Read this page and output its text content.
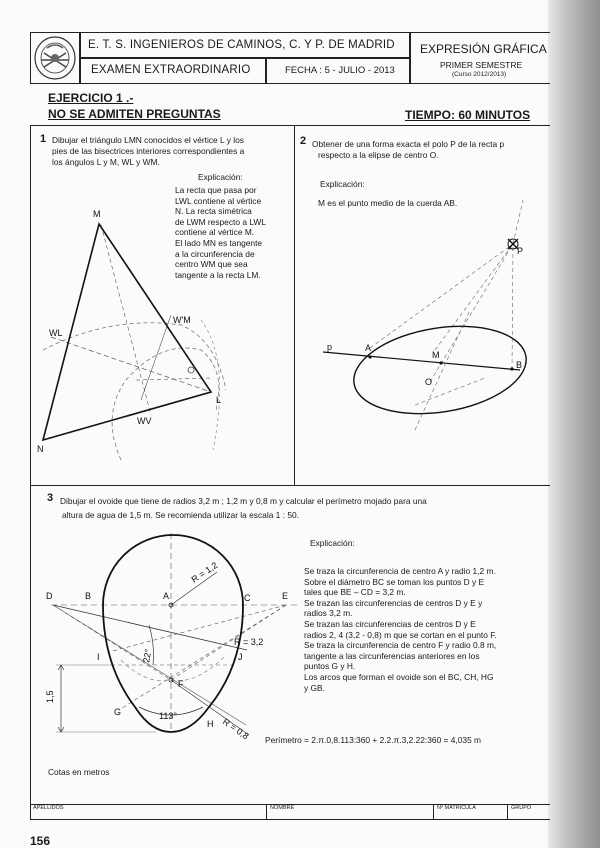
E. T. S. INGENIEROS DE CAMINOS, C. Y P. DE MADRID
EXAMEN EXTRAORDINARIO	FECHA : 5 - JULIO - 2013
EXPRESIÓN GRÁFICA
PRIMER SEMESTRE
(Curso 2012/2013)
EJERCICIO 1 .-
NO SE ADMITEN PREGUNTAS	TIEMPO: 60 MINUTOS
1 Dibujar el triángulo LMN conocidos el vértice L y los
pies de las bisectrices interiores correspondientes a
los ángulos L y M, WL y WM.
Explicación:
La recta que pasa por
LWL contiene al vértice
N. La recta simétrica
de LWM respecto a LWL
contiene al vértice M.
El lado MN es tangente
a la circunferencia de
centro WM que sea
tangente a la recta LM.
M
N
L
WL
W'M
WV
2 Obtener de una forma exacta el polo P de la recta p
respecto a la elipse de centro O.
Explicación:
M es el punto medio de la cuerda AB.
P
p	A
M
B
O
3 Dibujar el ovoide que tiene de radios 3,2 m ; 1,2 m y 0,8 m y calcular el perímetro mojado para una
altura de agua de 1,5 m. Se recomienda utilizar la escala 1 : 50.
Explicación:
Se traza la circunferencia de centro A y radio 1,2 m.
Sobre el diámetro BC se toman los puntos D y E
tales que BE – CD = 3,2 m.
Se trazan las circunferencias de centros D y E y
radios 3,2 m.
Se trazan las circunferencias de centros D y E
radios 2, 4 (3,2 - 0,8) m que se cortan en el punto F.
Se traza la circunferencia de centro F y radio 0.8 m,
tangente a las circunferencias anteriores en los
puntos G y H.
Los arcos que forman el ovoide son el BC, CH, HG
y GB.
Perímetro = 2.π.0,8.113:360 + 2.2.π.3,2.22:360 = 4,035 m
Cotas en metros
D	B	A	C	E
I	J
F
G
H
R = 1,2
R = 3,2
R = 0,8
22°
113°
1,5
APELLIDOS	NOMBRE	Nº MATRÍCULA	GRUPO
156
